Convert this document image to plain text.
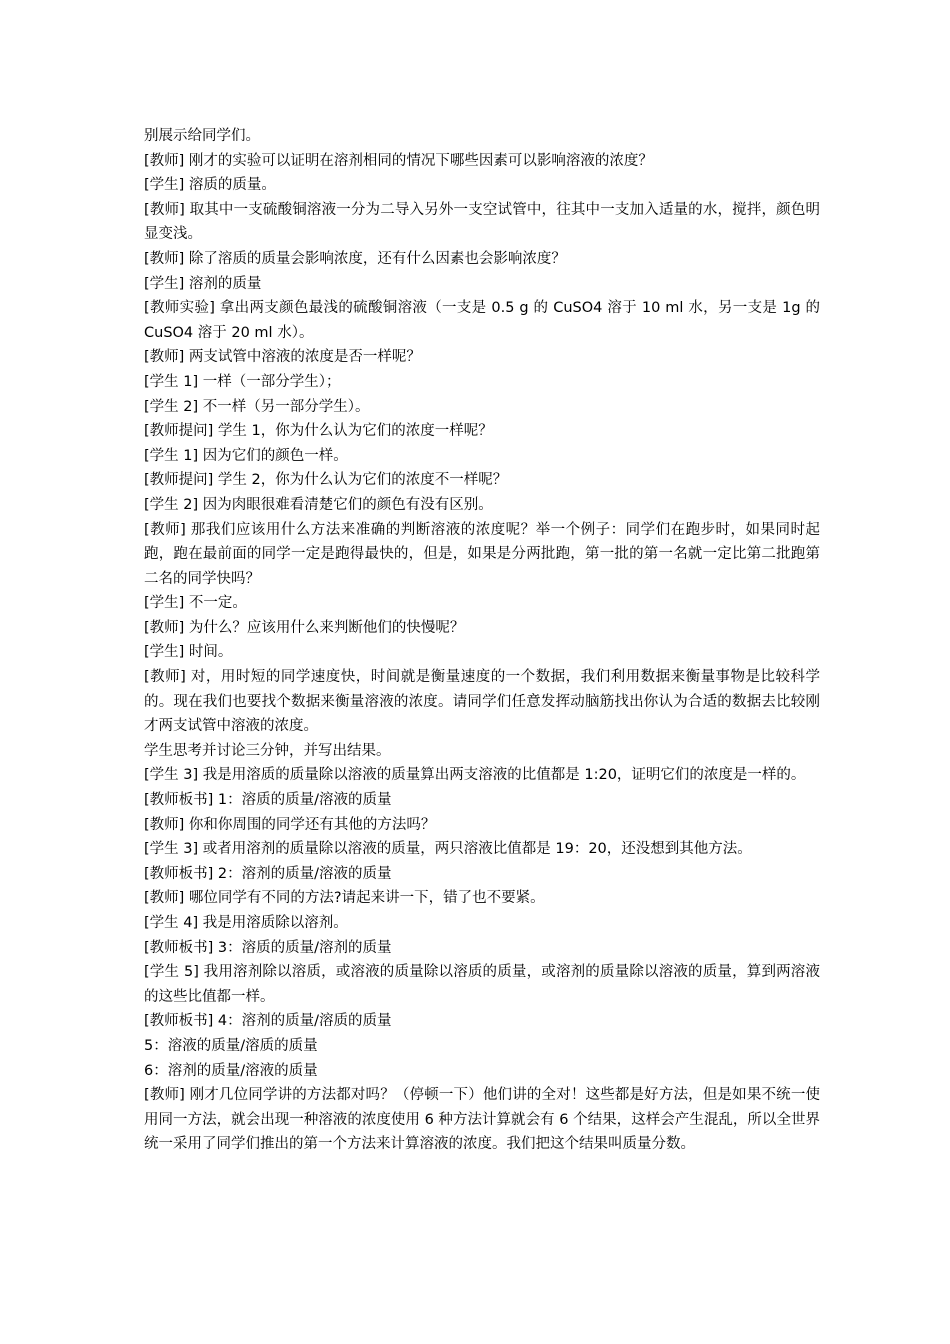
别展示给同学们。

[教师] 刚才的实验可以证明在溶剂相同的情况下哪些因素可以影响溶液的浓度？

[学生] 溶质的质量。

[教师] 取其中一支硫酸铜溶液一分为二导入另外一支空试管中，往其中一支加入适量的水，搅拌，颜色明显变浅。

[教师] 除了溶质的质量会影响浓度，还有什么因素也会影响浓度？

[学生] 溶剂的质量

[教师实验] 拿出两支颜色最浅的硫酸铜溶液（一支是 0.5 g 的 CuSO4 溶于 10 ml 水，另一支是 1g 的 CuSO4 溶于 20 ml 水）。

[教师] 两支试管中溶液的浓度是否一样呢？

[学生 1] 一样（一部分学生）；

[学生 2] 不一样（另一部分学生）。

[教师提问] 学生 1，你为什么认为它们的浓度一样呢？

[学生 1] 因为它们的颜色一样。

[教师提问] 学生 2，你为什么认为它们的浓度不一样呢？

[学生 2] 因为肉眼很难看清楚它们的颜色有没有区别。

[教师] 那我们应该用什么方法来准确的判断溶液的浓度呢？举一个例子：同学们在跑步时，如果同时起跑，跑在最前面的同学一定是跑得最快的，但是，如果是分两批跑，第一批的第一名就一定比第二批跑第二名的同学快吗？

[学生] 不一定。

[教师] 为什么？应该用什么来判断他们的快慢呢？

[学生] 时间。

[教师] 对，用时短的同学速度快，时间就是衡量速度的一个数据，我们利用数据来衡量事物是比较科学的。现在我们也要找个数据来衡量溶液的浓度。请同学们任意发挥动脑筋找出你认为合适的数据去比较刚才两支试管中溶液的浓度。

学生思考并讨论三分钟，并写出结果。

[学生 3] 我是用溶质的质量除以溶液的质量算出两支溶液的比值都是 1:20，证明它们的浓度是一样的。

[教师板书] 1：溶质的质量/溶液的质量

[教师] 你和你周围的同学还有其他的方法吗？

[学生 3] 或者用溶剂的质量除以溶液的质量，两只溶液比值都是 19：20，还没想到其他方法。

[教师板书] 2：溶剂的质量/溶液的质量

[教师] 哪位同学有不同的方法?请起来讲一下，错了也不要紧。

[学生 4] 我是用溶质除以溶剂。

[教师板书] 3：溶质的质量/溶剂的质量

[学生 5] 我用溶剂除以溶质，或溶液的质量除以溶质的质量，或溶剂的质量除以溶液的质量，算到两溶液的这些比值都一样。

[教师板书] 4：溶剂的质量/溶质的质量

5：溶液的质量/溶质的质量

6：溶剂的质量/溶液的质量

[教师] 刚才几位同学讲的方法都对吗？（停顿一下）他们讲的全对！这些都是好方法，但是如果不统一使用同一方法，就会出现一种溶液的浓度使用 6 种方法计算就会有 6 个结果，这样会产生混乱，所以全世界统一采用了同学们推出的第一个方法来计算溶液的浓度。我们把这个结果叫质量分数。
